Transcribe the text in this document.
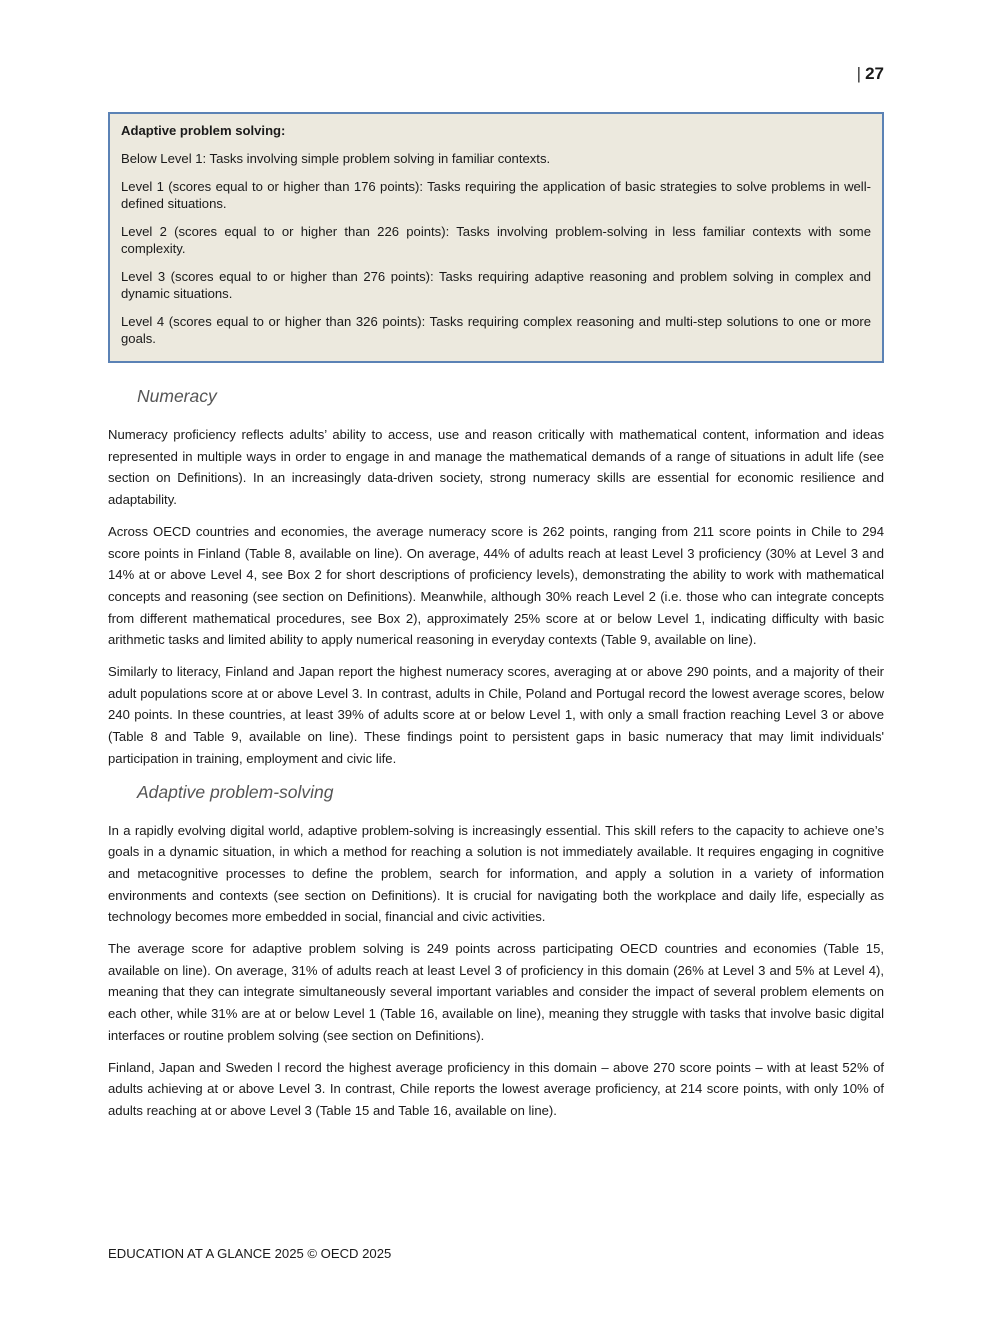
| 27

Adaptive problem solving:

Below Level 1: Tasks involving simple problem solving in familiar contexts.

Level 1 (scores equal to or higher than 176 points): Tasks requiring the application of basic strategies to solve problems in well-defined situations.

Level 2 (scores equal to or higher than 226 points): Tasks involving problem-solving in less familiar contexts with some complexity.

Level 3 (scores equal to or higher than 276 points): Tasks requiring adaptive reasoning and problem solving in complex and dynamic situations.

Level 4 (scores equal to or higher than 326 points): Tasks requiring complex reasoning and multi-step solutions to one or more goals.

Numeracy

Numeracy proficiency reflects adults’ ability to access, use and reason critically with mathematical content, information and ideas represented in multiple ways in order to engage in and manage the mathematical demands of a range of situations in adult life (see section on Definitions). In an increasingly data-driven society, strong numeracy skills are essential for economic resilience and adaptability.

Across OECD countries and economies, the average numeracy score is 262 points, ranging from 211 score points in Chile to 294 score points in Finland (Table 8, available on line). On average, 44% of adults reach at least Level 3 proficiency (30% at Level 3 and 14% at or above Level 4, see Box 2 for short descriptions of proficiency levels), demonstrating the ability to work with mathematical concepts and reasoning (see section on Definitions). Meanwhile, although 30% reach Level 2 (i.e. those who can integrate concepts from different mathematical procedures, see Box 2), approximately 25% score at or below Level 1, indicating difficulty with basic arithmetic tasks and limited ability to apply numerical reasoning in everyday contexts (Table 9, available on line).

Similarly to literacy, Finland and Japan report the highest numeracy scores, averaging at or above 290 points, and a majority of their adult populations score at or above Level 3. In contrast, adults in Chile, Poland and Portugal record the lowest average scores, below 240 points. In these countries, at least 39% of adults score at or below Level 1, with only a small fraction reaching Level 3 or above (Table 8 and Table 9, available on line). These findings point to persistent gaps in basic numeracy that may limit individuals' participation in training, employment and civic life.

Adaptive problem-solving

In a rapidly evolving digital world, adaptive problem-solving is increasingly essential. This skill refers to the capacity to achieve one’s goals in a dynamic situation, in which a method for reaching a solution is not immediately available. It requires engaging in cognitive and metacognitive processes to define the problem, search for information, and apply a solution in a variety of information environments and contexts (see section on Definitions). It is crucial for navigating both the workplace and daily life, especially as technology becomes more embedded in social, financial and civic activities.

The average score for adaptive problem solving is 249 points across participating OECD countries and economies (Table 15, available on line). On average, 31% of adults reach at least Level 3 of proficiency in this domain (26% at Level 3 and 5% at Level 4), meaning that they can integrate simultaneously several important variables and consider the impact of several problem elements on each other, while 31% are at or below Level 1 (Table 16, available on line), meaning they struggle with tasks that involve basic digital interfaces or routine problem solving (see section on Definitions).

Finland, Japan and Sweden l record the highest average proficiency in this domain – above 270 score points – with at least 52% of adults achieving at or above Level 3. In contrast, Chile reports the lowest average proficiency, at 214 score points, with only 10% of adults reaching at or above Level 3 (Table 15 and Table 16, available on line).

EDUCATION AT A GLANCE 2025 © OECD 2025
